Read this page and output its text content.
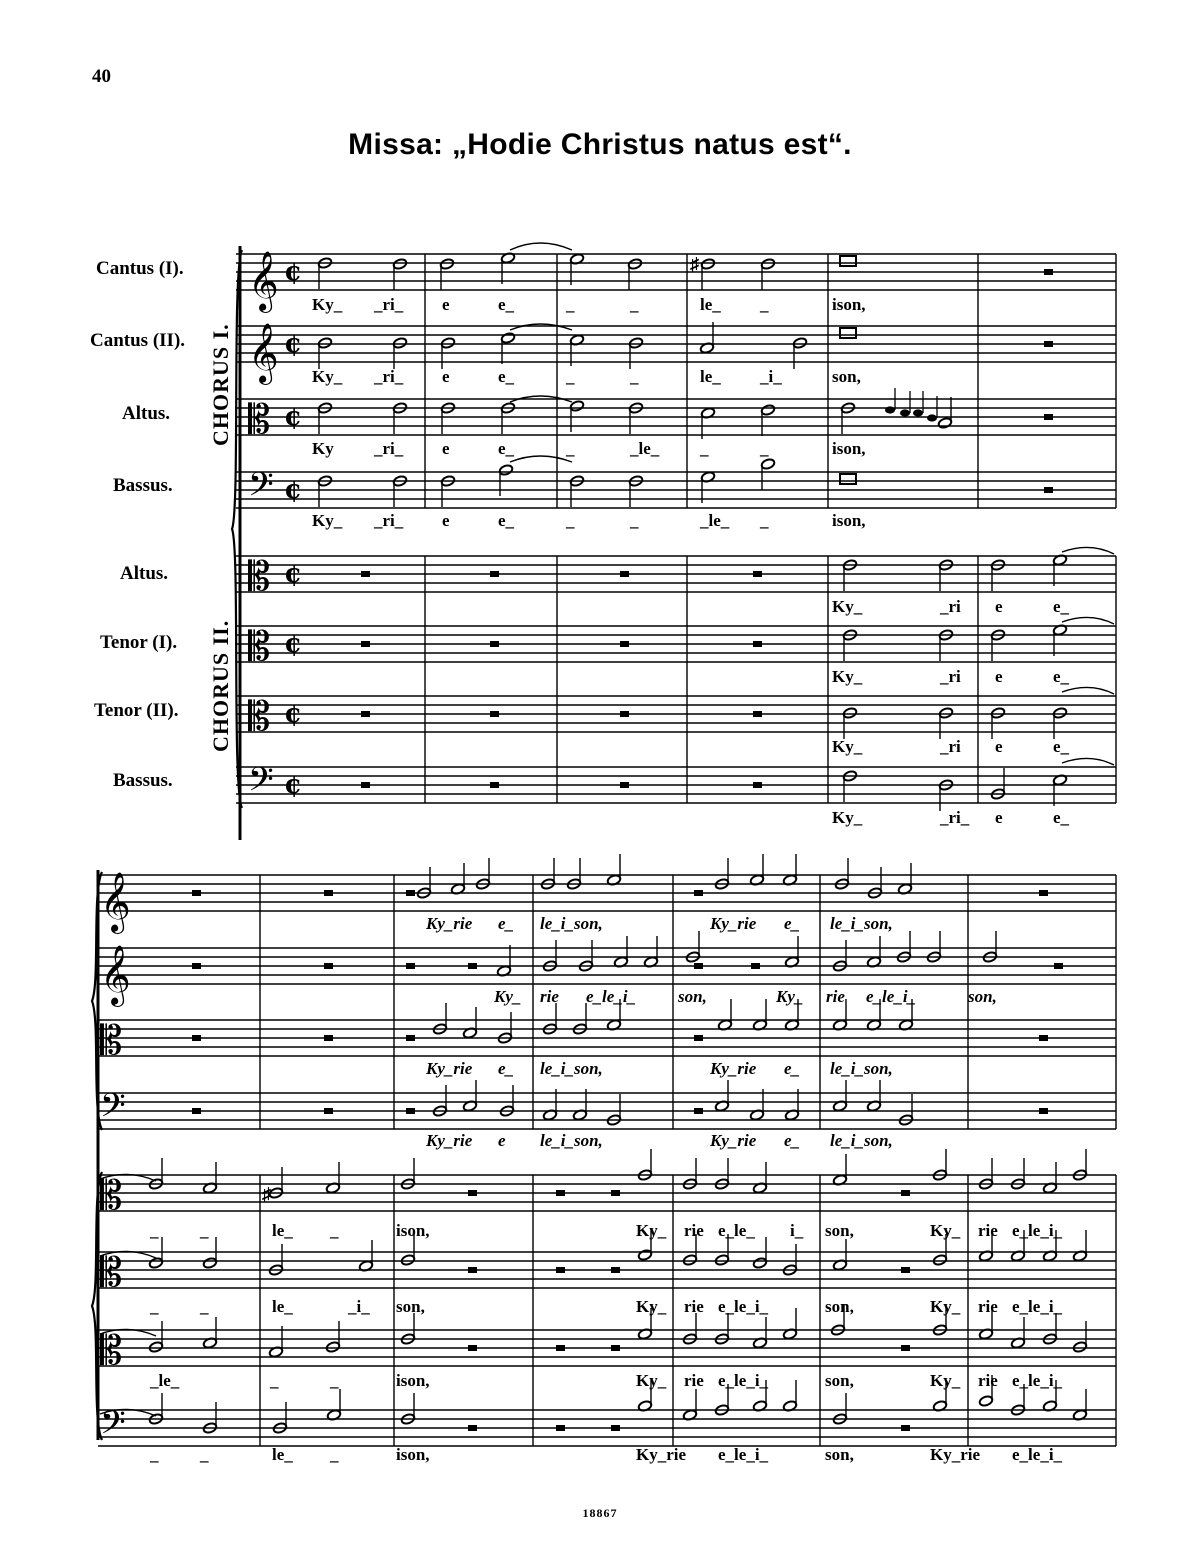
40
Missa: „Hodie Christus natus est“.
18867
Cantus (I).
Cantus (II).
Altus.
Bassus.
Altus.
Tenor (I).
Tenor (II).
Bassus.
CHORUS I.
CHORUS II.
𝄞 ¢
𝄞 ¢
𝄡 ¢
𝄢 ¢
𝄡 ¢
𝄡 ¢
𝄡 ¢
𝄢 ¢
♯
Ky_ _ri_ e	e_	_	_	le_ _	ison,
Ky_ _ri_ e	e_	_	_	le_ _i_	son,
Ky _ri_ e	e_	_	_le_ _	_	ison,
Ky_ _ri_ e	e_	_	_	_le_ _	ison,
Ky_	_ri e	e_
Ky_	_ri e	e_
Ky_	_ri e	e_
Ky_	_ri_ e	e_
𝄞
𝄞
𝄡
𝄢
Ky_rie e_ le_i_son,	Ky_rie e_ le_i_son,
Ky_ rie e_le_i_ son,	Ky_ rie e_le_i_	son,
Ky_rie e_ le_i_son,	Ky_rie e_ le_i_son,
Ky_rie e le_i_son,	Ky_rie e_ le_i_son,
𝄡
𝄡
𝄡
𝄢
♯
_ _	le_ _	ison,	Ky_ rie e_le_ i_ son,	Ky_ rie e_le_i_
_ _	le_	_i_ son,	Ky_ rie e_le_i_	son,	Ky_ rie e_le_i_
_le_	_	_	ison,	Ky_ rie e_le_i_	son,	Ky_ rie e_le_i_
_ _	le_ _	ison,	Ky_rie e_le_i_	son,	Ky_rie e_le_i_
